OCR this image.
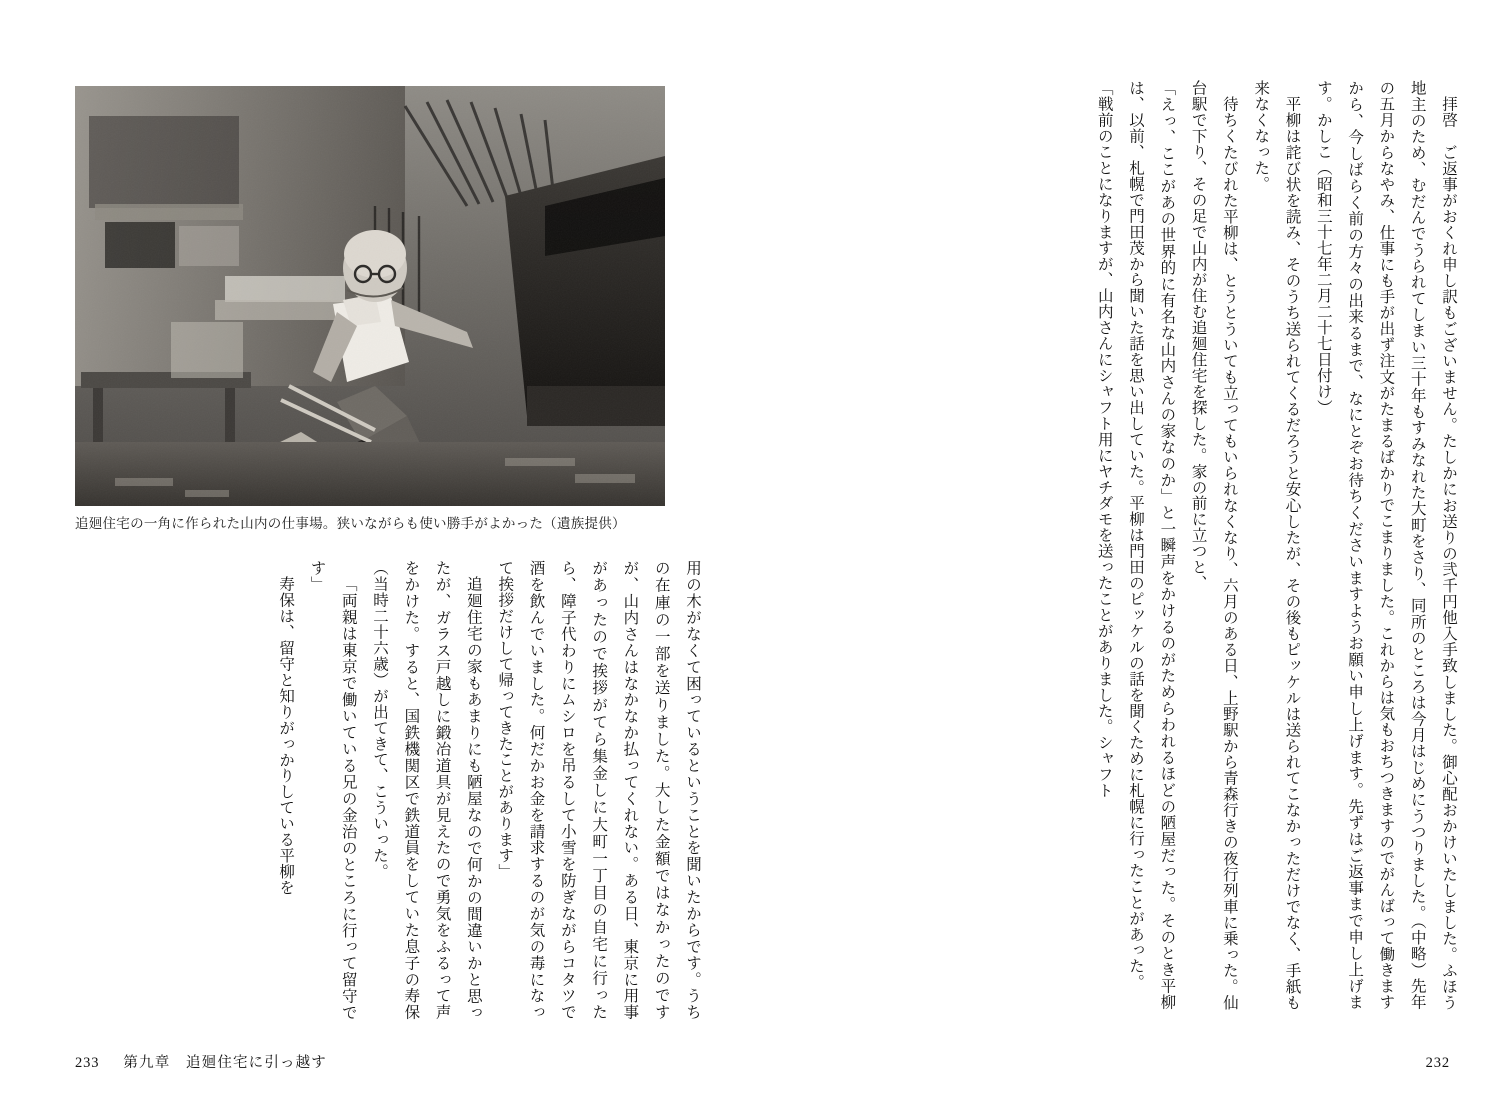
追廻住宅の一角に作られた山内の仕事場。狭いながらも使い勝手がよかった（遺族提供）

用の木がなくて困っているということを聞いたからです。うちの在庫の一部を送りました。大した金額ではなかったのですが、山内さんはなかなか払ってくれない。ある日、東京に用事があったので挨拶がてら集金しに大町一丁目の自宅に行ったら、障子代わりにムシロを吊るして小雪を防ぎながらコタツで酒を飲んでいました。何だかお金を請求するのが気の毒になって挨拶だけして帰ってきたことがあります」

追廻住宅の家もあまりにも陋屋なので何かの間違いかと思ったが、ガラス戸越しに鍛冶道具が見えたので勇気をふるって声をかけた。すると、国鉄機関区で鉄道員をしていた息子の寿保（当時二十六歳）が出てきて、こういった。

「両親は東京で働いている兄の金治のところに行って留守です」

寿保は、留守と知りがっかりしている平柳を

233 第九章　追廻住宅に引っ越す

拝啓　ご返事がおくれ申し訳もございません。たしかにお送りの弐千円他入手致しました。御心配おかけいたしました。ふほう地主のため、むだんでうられてしまい三十年もすみなれた大町をさり、同所のところは今月はじめにうつりました。（中略）先年の五月からなやみ、仕事にも手が出ず注文がたまるばかりでこまりました。これからは気もおちつきますのでがんばって働きますから、今しばらく前の方々の出来るまで、なにとぞお待ちくださいますようお願い申し上げます。先ずはご返事まで申し上げます。かしこ（昭和三十七年二月二十七日付け）

平柳は詫び状を読み、そのうち送られてくるだろうと安心したが、その後もピッケルは送られてこなかっただけでなく、手紙も来なくなった。

待ちくたびれた平柳は、とうとういても立ってもいられなくなり、六月のある日、上野駅から青森行きの夜行列車に乗った。仙台駅で下り、その足で山内が住む追廻住宅を探した。家の前に立つと、

「えっ、ここがあの世界的に有名な山内さんの家なのか」と一瞬声をかけるのがためらわれるほどの陋屋だった。そのとき平柳は、以前、札幌で門田茂から聞いた話を思い出していた。平柳は門田のピッケルの話を聞くために札幌に行ったことがあった。

「戦前のことになりますが、山内さんにシャフト用にヤチダモを送ったことがありました。シャフト

232
